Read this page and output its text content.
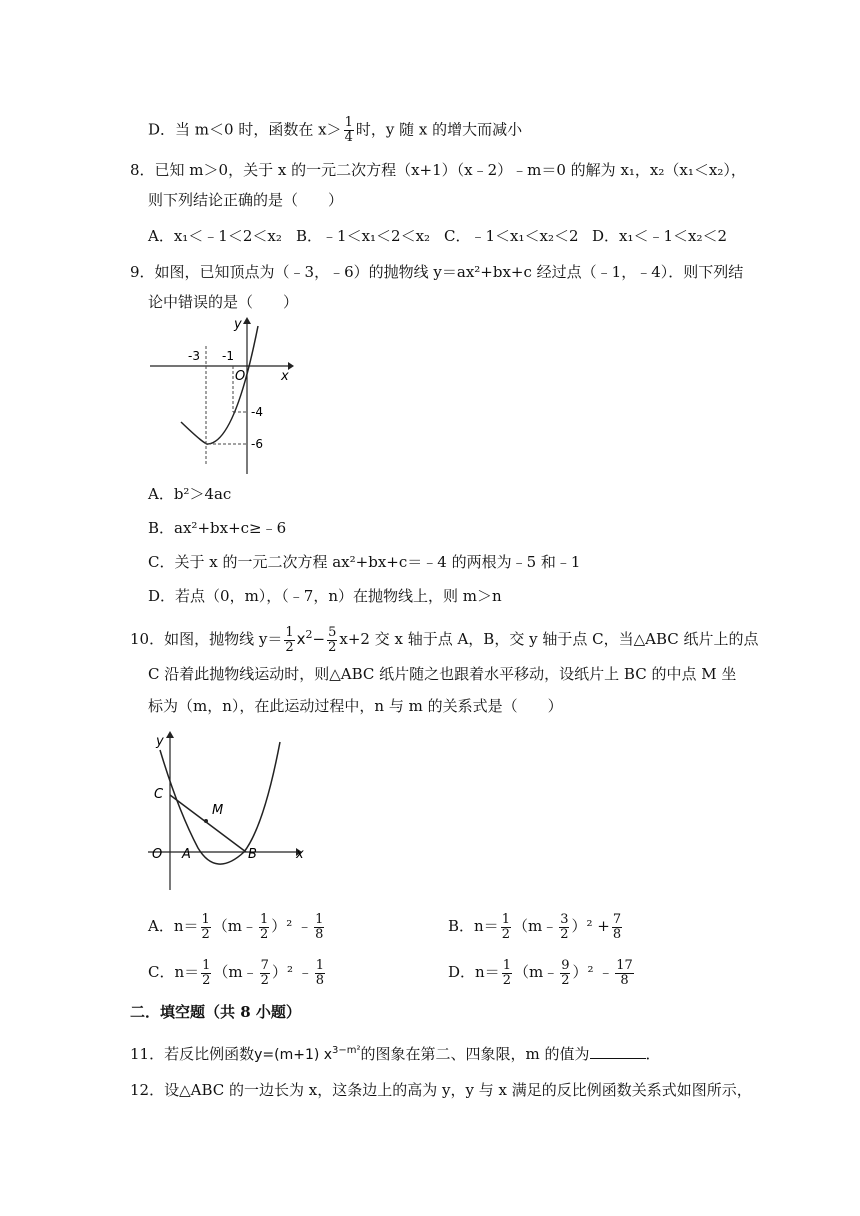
D．当 m＜0 时，函数在 $x> \frac{1}{4}$ 时，y 随 x 的增大而减小
8．已知 m＞0，关于 x 的一元二次方程（x+1）（x﹣2）﹣m＝0 的解为 x₁，x₂（x₁＜x₂），
则下列结论正确的是（　　）
A．x₁＜﹣1＜2＜x₂ B．﹣1＜x₁＜2＜x₂ C．﹣1＜x₁＜x₂＜2 D．x₁＜﹣1＜x₂＜2
9．如图，已知顶点为（﹣3，﹣6）的抛物线 y＝ax²+bx+c 经过点（﹣1，﹣4）．则下列结
论中错误的是（　　）
y
x
O
-3 -1
-4
-6
A．b²＞4ac
B．ax²+bx+c≥﹣6
C．关于 x 的一元二次方程 ax²+bx+c＝﹣4 的两根为﹣5 和﹣1
D．若点（0，m），（﹣7，n）在抛物线上，则 m＞n
10．如图，抛物线 $y= \frac{1}{2} x^2- \frac{5}{2} x+2$ 交 x 轴于点 A，B，交 y 轴于点 C，当△ABC 纸片上的点
C 沿着此抛物线运动时，则△ABC 纸片随之也跟着水平移动，设纸片上 BC 的中点 M 坐
标为（m，n），在此运动过程中，n 与 m 的关系式是（　　）
y
x
O A	B
C
M
A．$n= \frac{1}{2}$ （m﹣ $\frac{1}{2} )^2$ ﹣ $\frac{1}{8}$	B．$n= \frac{1}{2}$ （m﹣ $\frac{3}{2} )^2 + \frac{7}{8}$
C．$n= \frac{1}{2}$ （m﹣ $\frac{7}{2} )^2$ ﹣ $\frac{1}{8}$	D．$n= \frac{1}{2}$ （m﹣ $\frac{9}{2} )^2$ ﹣ $\frac{17}{8}$
二．填空题（共 8 小题）
11．若反比例函数y=(m+1) $x^{3-m^2}$的图象在第二、四象限，m 的值为	．
12．设△ABC 的一边长为 x，这条边上的高为 y，y 与 x 满足的反比例函数关系式如图所示，
